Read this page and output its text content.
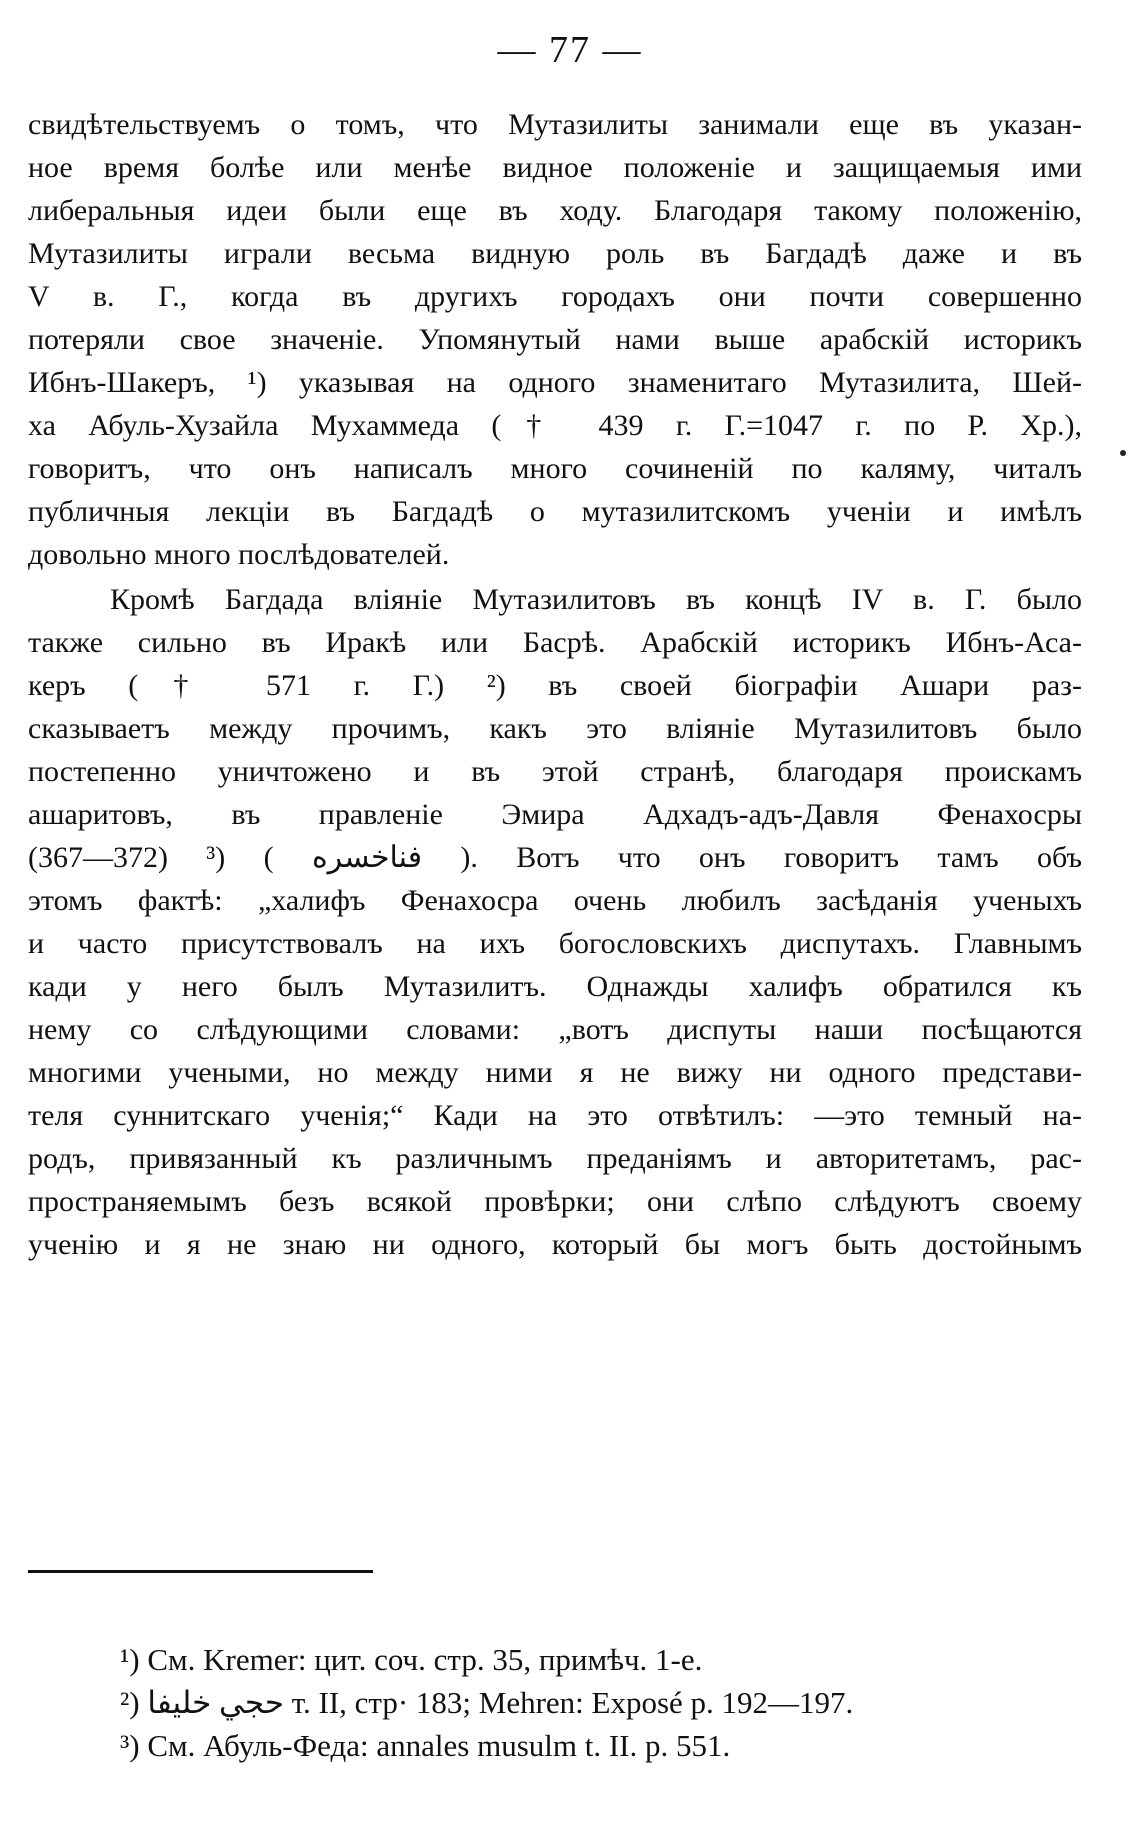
— 77 —
свидѣтельствуемъ о томъ, что Мутазилиты занимали еще въ указан-
ное время болѣе или менѣе видное положеніе и защищаемыя ими
либеральныя идеи были еще въ ходу. Благодаря такому положенію,
Мутазилиты играли весьма видную роль въ Багдадѣ даже и въ
V в. Г., когда въ другихъ городахъ они почти совершенно
потеряли свое значеніе. Упомянутый нами выше арабскій историкъ
Ибнъ-Шакеръ, ¹) указывая на одного знаменитаго Мутазилита, Шей-
ха Абуль-Хузайла Мухаммеда († 439 г. Г.=1047 г. по Р. Хр.),
говоритъ, что онъ написалъ много сочиненій по каляму, читалъ
публичныя лекціи въ Багдадѣ о мутазилитскомъ ученіи и имѣлъ
довольно много послѣдователей.
Кромѣ Багдада вліяніе Мутазилитовъ въ концѣ IV в. Г. было
также сильно въ Иракѣ или Басрѣ. Арабскій историкъ Ибнъ-Аса-
керъ († 571 г. Г.) ²) въ своей біографіи Ашари раз-
сказываетъ между прочимъ, какъ это вліяніе Мутазилитовъ было
постепенно уничтожено и въ этой странѣ, благодаря проискамъ
ашаритовъ, въ правленіе Эмира Адхадъ-адъ-Давля Фенахосры
(367—372) ³) ( فناخسره ). Вотъ что онъ говоритъ тамъ объ
этомъ фактѣ: „халифъ Фенахосра очень любилъ засѣданія ученыхъ
и часто присутствовалъ на ихъ богословскихъ диспутахъ. Главнымъ
кади у него былъ Мутазилитъ. Однажды халифъ обратился къ
нему со слѣдующими словами: „вотъ диспуты наши посѣщаются
многими учеными, но между ними я не вижу ни одного представи-
теля суннитскаго ученія;“ Кади на это отвѣтилъ: —это темный на-
родъ, привязанный къ различнымъ преданіямъ и авторитетамъ, рас-
пространяемымъ безъ всякой провѣрки; они слѣпо слѣдуютъ своему
ученію и я не знаю ни одного, который бы могъ быть достойнымъ
¹) См. Kremer: цит. соч. стр. 35, примѣч. 1-е.
²) حجي خليفا т. II, стр· 183; Mehren: Exposé p. 192—197.
³) См. Абуль-Феда: annales musulm t. II. p. 551.
